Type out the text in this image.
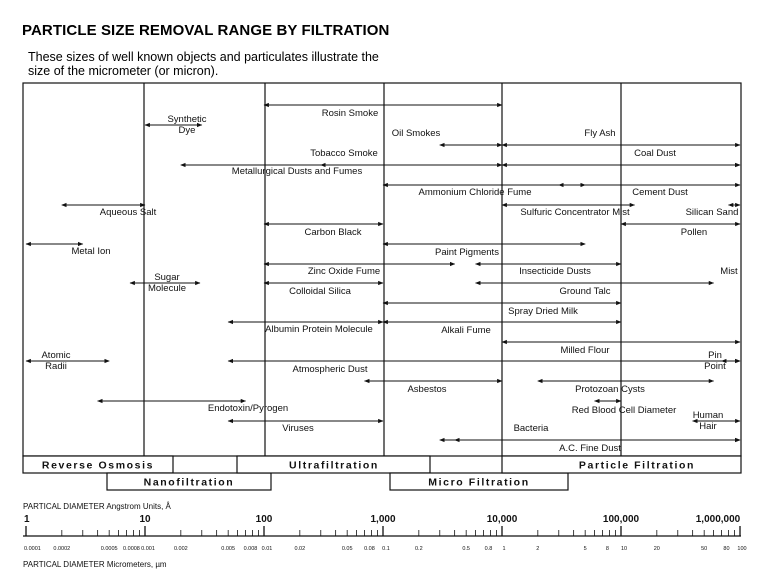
PARTICLE SIZE REMOVAL RANGE BY FILTRATION
These sizes of well known objects and particulates illustrate the size of the micrometer (or micron).
Rosin Smoke
Synthetic Dye	Oil Smokes	Fly Ash
Tobacco Smoke	Coal Dust
Metallurgical Dusts and Fumes
Ammonium Chloride Fume	Cement Dust
Aqueous Salt	Sulfuric Concentrator Mist	Silican Sand
Carbon Black	Pollen
Metal Ion	Paint Pigments
Zinc Oxide Fume	Insecticide Dusts	Mist
Sugar Molecule	Colloidal Silica	Ground Talc
Spray Dried Milk
Albumin Protein Molecule	Alkali Fume
Milled Flour
Atomic Radii	Atmospheric Dust
Pin Point
Asbestos	Protozoan Cysts
Endotoxin/Pyrogen	Red Blood Cell Diameter Human Hair
Viruses	Bacteria
A.C. Fine Dust
Reverse Osmosis
Nanofiltration
Ultrafiltration
Micro Filtration
Particle Filtration
PARTICAL DIAMETER Angstrom Units, Å
1	10	100	1,000	10,000	100,000	1,000,000
0.0001 0.0002	0.0005 0.0008 0.001	0.002	0.005 0.008 0.01	0.02	0.05 0.08 0.1	0.2	0.5	0.8 1	2	5	8 10	20	50	80 100
PARTICAL DIAMETER Micrometers, µm
